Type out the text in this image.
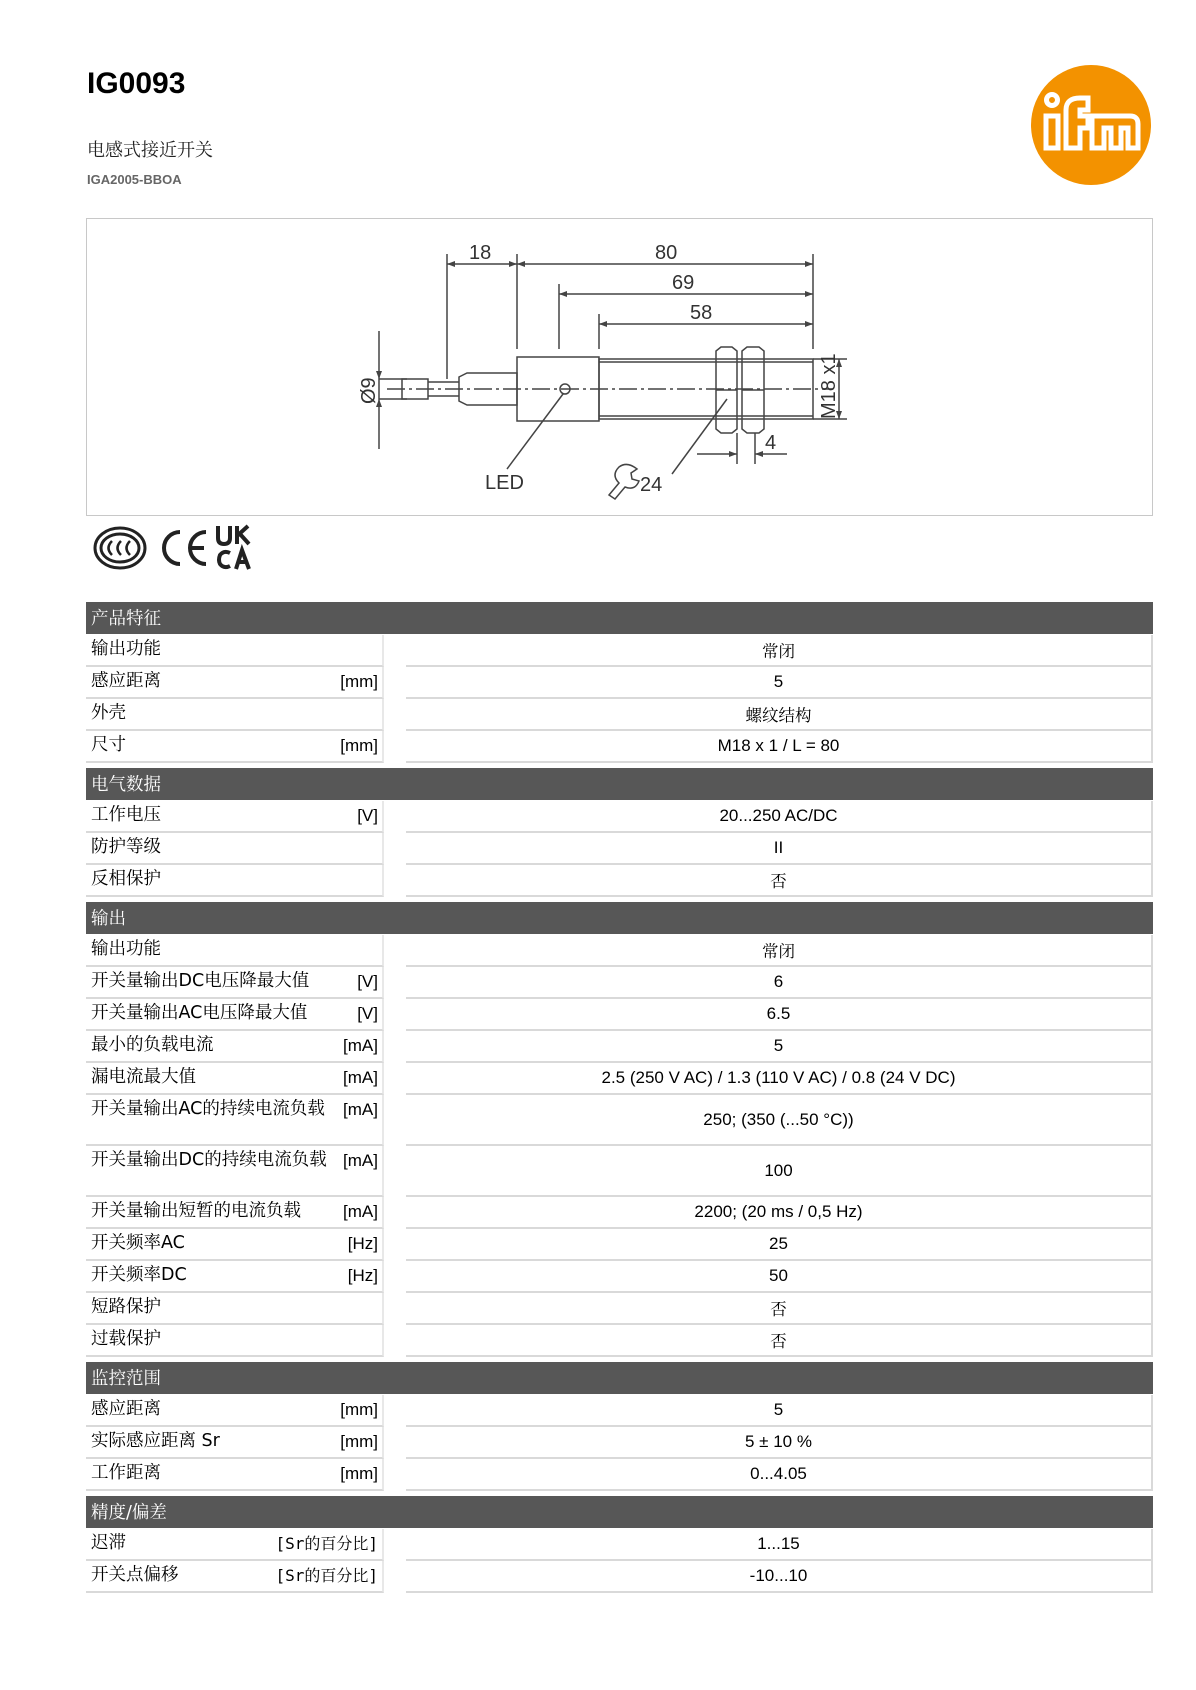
IG0093
电感式接近开关
IGA2005-BBOA
18	80
69
58
4
Ø9	M18 x1
LED	24
产品特征
输出功能	常闭
感应距离	[mm]	5
外壳	螺纹结构
尺寸	[mm]	M18 x 1 / L = 80
电气数据
工作电压	[V]	20...250 AC/DC
防护等级	II
反相保护	否
输出
输出功能	常闭
开关量输出DC电压降最大值	[V]	6
开关量输出AC电压降最大值	[V]	6.5
最小的负载电流	[mA]	5
漏电流最大值	[mA]	2.5 (250 V AC) / 1.3 (110 V AC) / 0.8 (24 V DC)
开关量输出AC的持续电流负载	[mA]	250; (350 (...50 °C))
开关量输出DC的持续电流负载 [mA]	100
开关量输出短暂的电流负载	[mA]	2200; (20 ms / 0,5 Hz)
开关频率AC	[Hz]	25
开关频率DC	[Hz]	50
短路保护	否
过载保护	否
监控范围
感应距离	[mm]	5
实际感应距离 Sr	[mm]	5 ± 10 %
工作距离	[mm]	0...4.05
精度/偏差
迟滞	[Sr的百分比]	1...15
开关点偏移	[Sr的百分比]	-10...10
